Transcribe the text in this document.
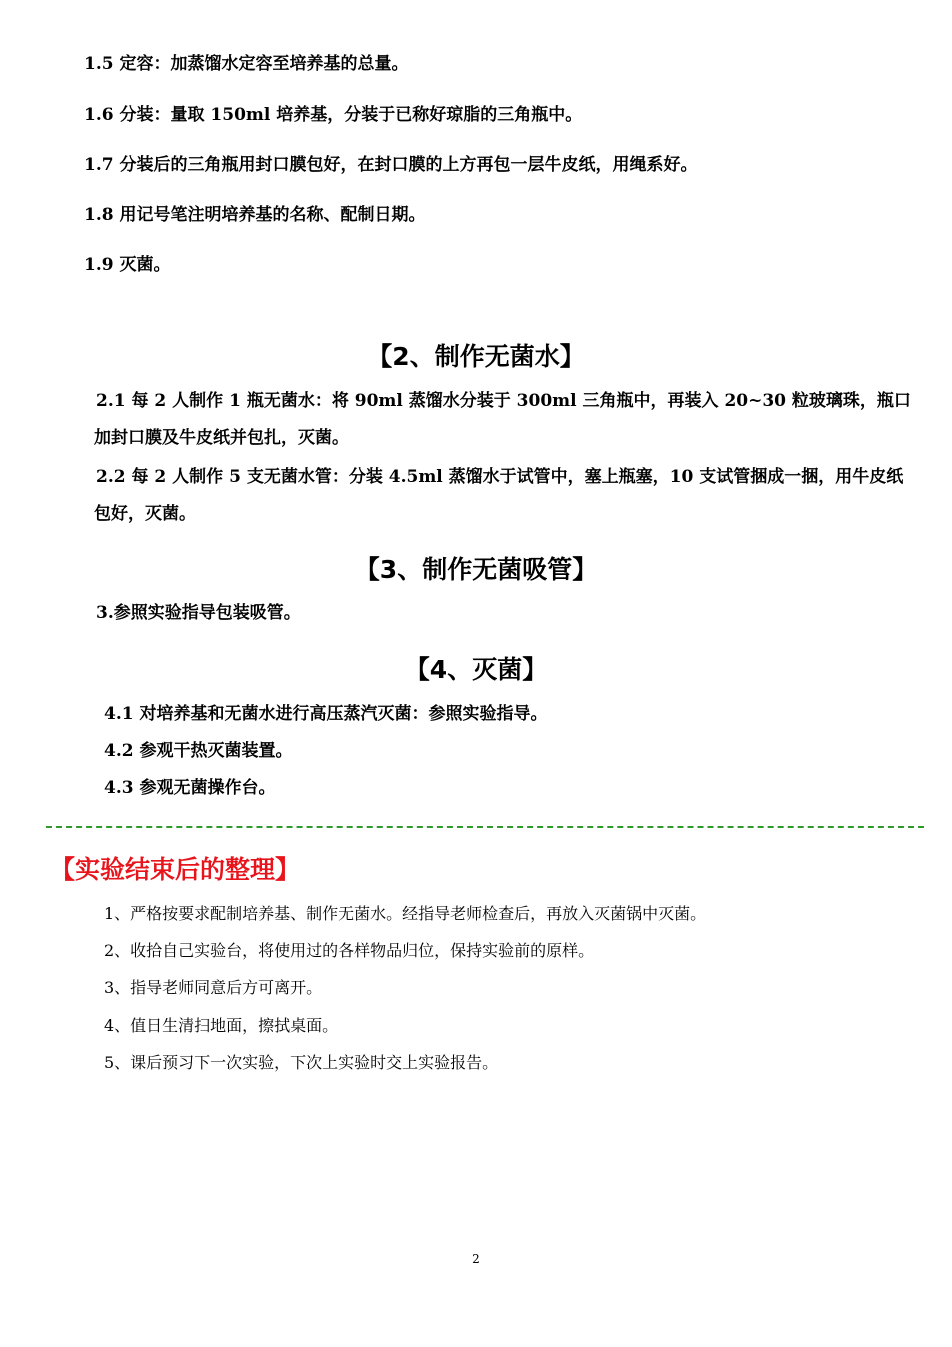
1.5 定容：加蒸馏水定容至培养基的总量。
1.6 分装：量取 150ml 培养基，分装于已称好琼脂的三角瓶中。
1.7 分装后的三角瓶用封口膜包好，在封口膜的上方再包一层牛皮纸，用绳系好。
1.8 用记号笔注明培养基的名称、配制日期。
1.9 灭菌。
【2、制作无菌水】
2.1 每 2 人制作 1 瓶无菌水：将 90ml 蒸馏水分装于 300ml 三角瓶中，再装入 20~30 粒玻璃珠，瓶口加封口膜及牛皮纸并包扎，灭菌。
2.2 每 2 人制作 5 支无菌水管：分装 4.5ml 蒸馏水于试管中，塞上瓶塞，10 支试管捆成一捆，用牛皮纸包好，灭菌。
【3、制作无菌吸管】
3.参照实验指导包装吸管。
【4、灭菌】
4.1 对培养基和无菌水进行高压蒸汽灭菌：参照实验指导。
4.2 参观干热灭菌装置。
4.3 参观无菌操作台。
【实验结束后的整理】
1、严格按要求配制培养基、制作无菌水。经指导老师检查后，再放入灭菌锅中灭菌。
2、收拾自己实验台，将使用过的各样物品归位，保持实验前的原样。
3、指导老师同意后方可离开。
4、值日生清扫地面，擦拭桌面。
5、课后预习下一次实验，下次上实验时交上实验报告。
2
